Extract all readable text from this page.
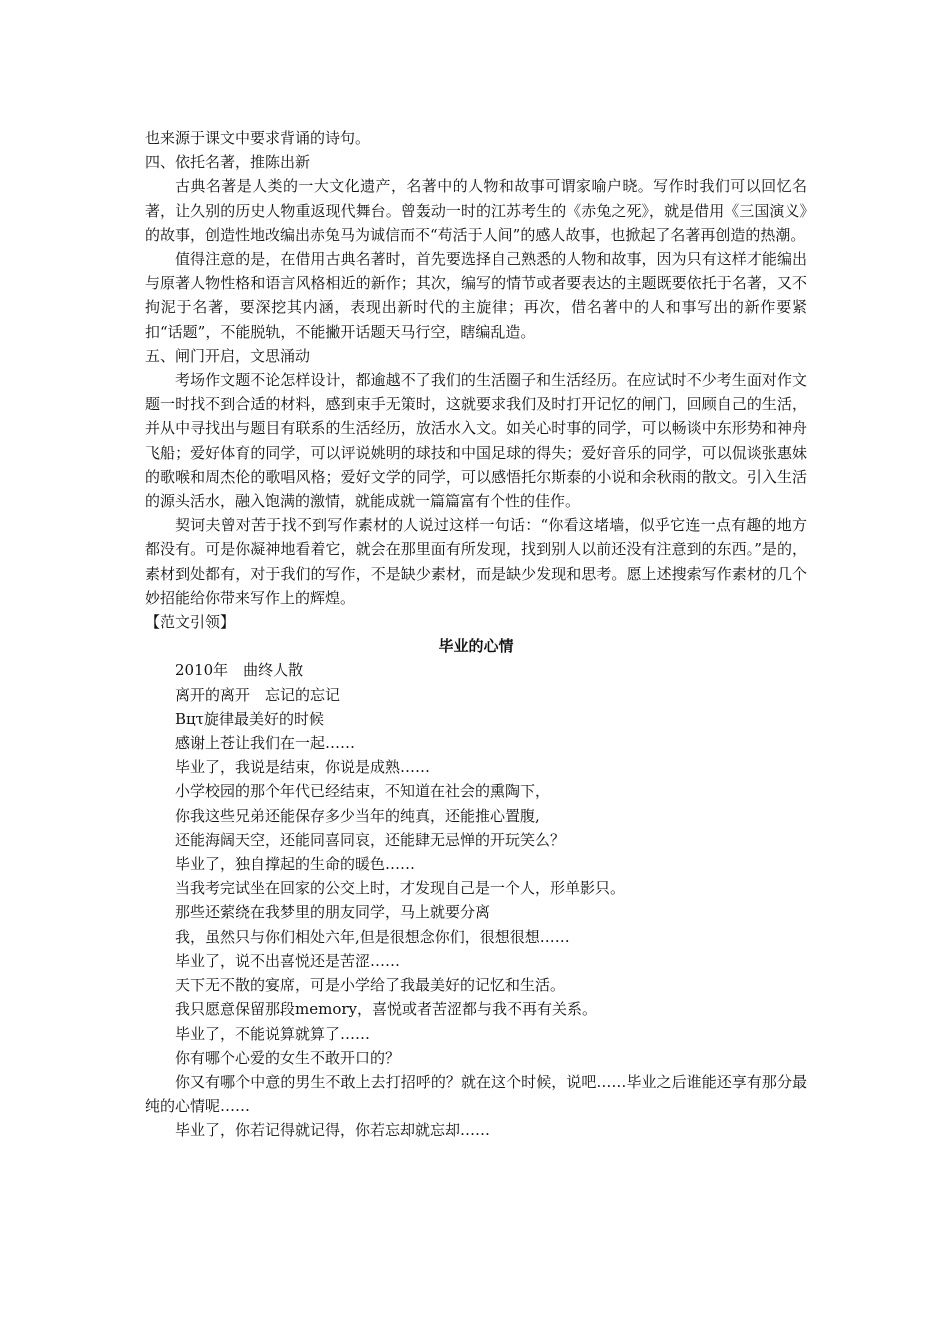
也来源于课文中要求背诵的诗句。
四、依托名著，推陈出新

古典名著是人类的一大文化遗产，名著中的人物和故事可谓家喻户晓。写作时我们可以回忆名著，让久别的历史人物重返现代舞台。曾轰动一时的江苏考生的《赤兔之死》，就是借用《三国演义》的故事，创造性地改编出赤兔马为诚信而不“苟活于人间”的感人故事，也掀起了名著再创造的热潮。

值得注意的是，在借用古典名著时，首先要选择自己熟悉的人物和故事，因为只有这样才能编出与原著人物性格和语言风格相近的新作；其次，编写的情节或者要表达的主题既要依托于名著，又不拘泥于名著，要深挖其内涵，表现出新时代的主旋律；再次，借名著中的人和事写出的新作要紧扣“话题”，不能脱轨，不能撇开话题天马行空，瞎编乱造。

五、闸门开启，文思涌动

考场作文题不论怎样设计，都逾越不了我们的生活圈子和生活经历。在应试时不少考生面对作文题一时找不到合适的材料，感到束手无策时，这就要求我们及时打开记忆的闸门，回顾自己的生活，并从中寻找出与题目有联系的生活经历，放活水入文。如关心时事的同学，可以畅谈中东形势和神舟飞船；爱好体育的同学，可以评说姚明的球技和中国足球的得失；爱好音乐的同学，可以侃谈张惠妹的歌喉和周杰伦的歌唱风格；爱好文学的同学，可以感悟托尔斯泰的小说和余秋雨的散文。引入生活的源头活水，融入饱满的激情，就能成就一篇篇富有个性的佳作。

契诃夫曾对苦于找不到写作素材的人说过这样一句话：“你看这堵墙，似乎它连一点有趣的地方都没有。可是你凝神地看着它，就会在那里面有所发现，找到别人以前还没有注意到的东西。”是的，素材到处都有，对于我们的写作，不是缺少素材，而是缺少发现和思考。愿上述搜索写作素材的几个妙招能给你带来写作上的辉煌。

【范文引领】
毕业的心情
2010年　曲终人散
离开的离开　忘记的忘记
Βцτ旋律最美好的时候
感谢上苍让我们在一起……
毕业了，我说是结束，你说是成熟……
小学校园的那个年代已经结束，不知道在社会的熏陶下，
你我这些兄弟还能保存多少当年的纯真，还能推心置腹,
还能海阔天空，还能同喜同哀，还能肆无忌惮的开玩笑么？
毕业了，独自撑起的生命的暖色……
当我考完试坐在回家的公交上时，才发现自己是一个人，形单影只。
那些还萦绕在我梦里的朋友同学，马上就要分离
我，虽然只与你们相处六年,但是很想念你们，很想很想……
毕业了，说不出喜悦还是苦涩……
天下无不散的宴席，可是小学给了我最美好的记忆和生活。
我只愿意保留那段memory，喜悦或者苦涩都与我不再有关系。
毕业了，不能说算就算了……
你有哪个心爱的女生不敢开口的？

你又有哪个中意的男生不敢上去打招呼的？就在这个时候，说吧……毕业之后谁能还享有那分最纯的心情呢……

毕业了，你若记得就记得，你若忘却就忘却……
